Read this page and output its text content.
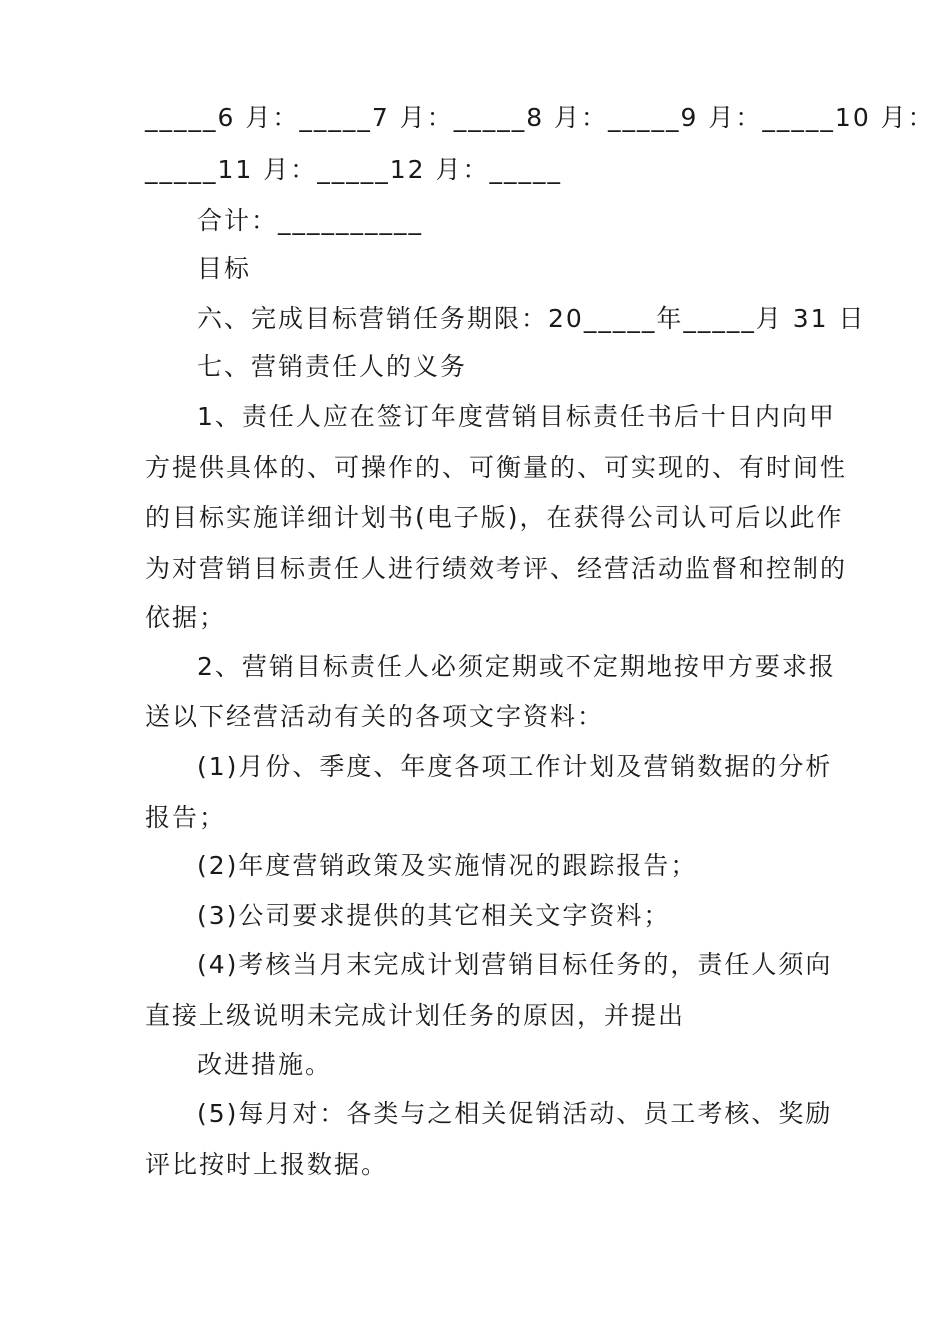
_____6 月：_____7 月：_____8 月：_____9 月：_____10 月：
_____11 月：_____12 月：_____
合计：__________
目标
六、完成目标营销任务期限：20_____年_____月 31 日
七、营销责任人的义务
1、责任人应在签订年度营销目标责任书后十日内向甲
方提供具体的、可操作的、可衡量的、可实现的、有时间性
的目标实施详细计划书(电子版)，在获得公司认可后以此作
为对营销目标责任人进行绩效考评、经营活动监督和控制的
依据；
2、营销目标责任人必须定期或不定期地按甲方要求报
送以下经营活动有关的各项文字资料：
(1)月份、季度、年度各项工作计划及营销数据的分析
报告；
(2)年度营销政策及实施情况的跟踪报告；
(3)公司要求提供的其它相关文字资料；
(4)考核当月末完成计划营销目标任务的，责任人须向
直接上级说明未完成计划任务的原因，并提出
改进措施。
(5)每月对：各类与之相关促销活动、员工考核、奖励
评比按时上报数据。
